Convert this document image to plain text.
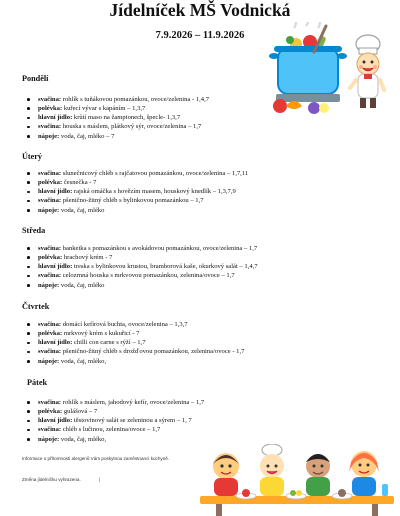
Jídelníček MŠ Vodnická
7.9.2026 – 11.9.2026
Pondělí
svačina: rohlík s tuňákovou pomazánkou, ovoce/zelenina - 1,4,7
polévka: kuřecí vývar s kapáním – 1,3,7
hlavní jídlo: krůtí maso na žampionech, špecle- 1,3,7
svačina: houska s máslem, plátkový sýr, ovoce/zelenina – 1,7
nápoje: voda, čaj, mléko – 7
Úterý
svačina: slunečnicový chléb s rajčatovou pomazánkou, ovoce/zelenina – 1,7,11
polévka: česnečka - 7
hlavní jídlo: rajská omáčka s hovězím masem, houskový knedlík – 1,3,7,9
svačina: pšenično-žitný chléb s bylinkovou pomazánkou – 1,7
nápoje: voda, čaj, mléko
Středa
svačina: banketka s pomazánkou s avokádovou pomazánkou, ovoce/zelenina – 1,7
polévka: hrachový krém - 7
hlavní jídlo: treska s bylinkovou krustou, bramborová kaše, okurkový salát – 1,4,7
svačina: celozrnná houska s mrkvovou pomazánkou, zelenina/ovoce – 1,7
nápoje: voda, čaj, mléko
Čtvrtek
svačina: domácí kefírová buchta, ovoce/zelenina – 1,3,7
polévka: mrkvový krém s kukuřicí - 7
hlavní jídlo: chilli con carne s rýží – 1,7
svačina: pšenično-žitný chléb s drožďovou pomazánkou, zelenina/ovoce - 1,7
nápoje: voda, čaj, mléko,
Pátek
svačina: rohlík s máslem, jahodový kefír, ovoce/zelenina – 1,7
polévka: gulášová – 7
hlavní jídlo: těstovinový salát se zeleninou a sýrem – 1, 7
svačina: chléb s lučinou, zelenina/ovoce – 1,7
nápoje: voda, čaj, mléko,
Informace o přítomnosti alergenů Vám poskytnou zaměstnanci kuchyně.
Změna jídelníčku vyhrazena.	|
